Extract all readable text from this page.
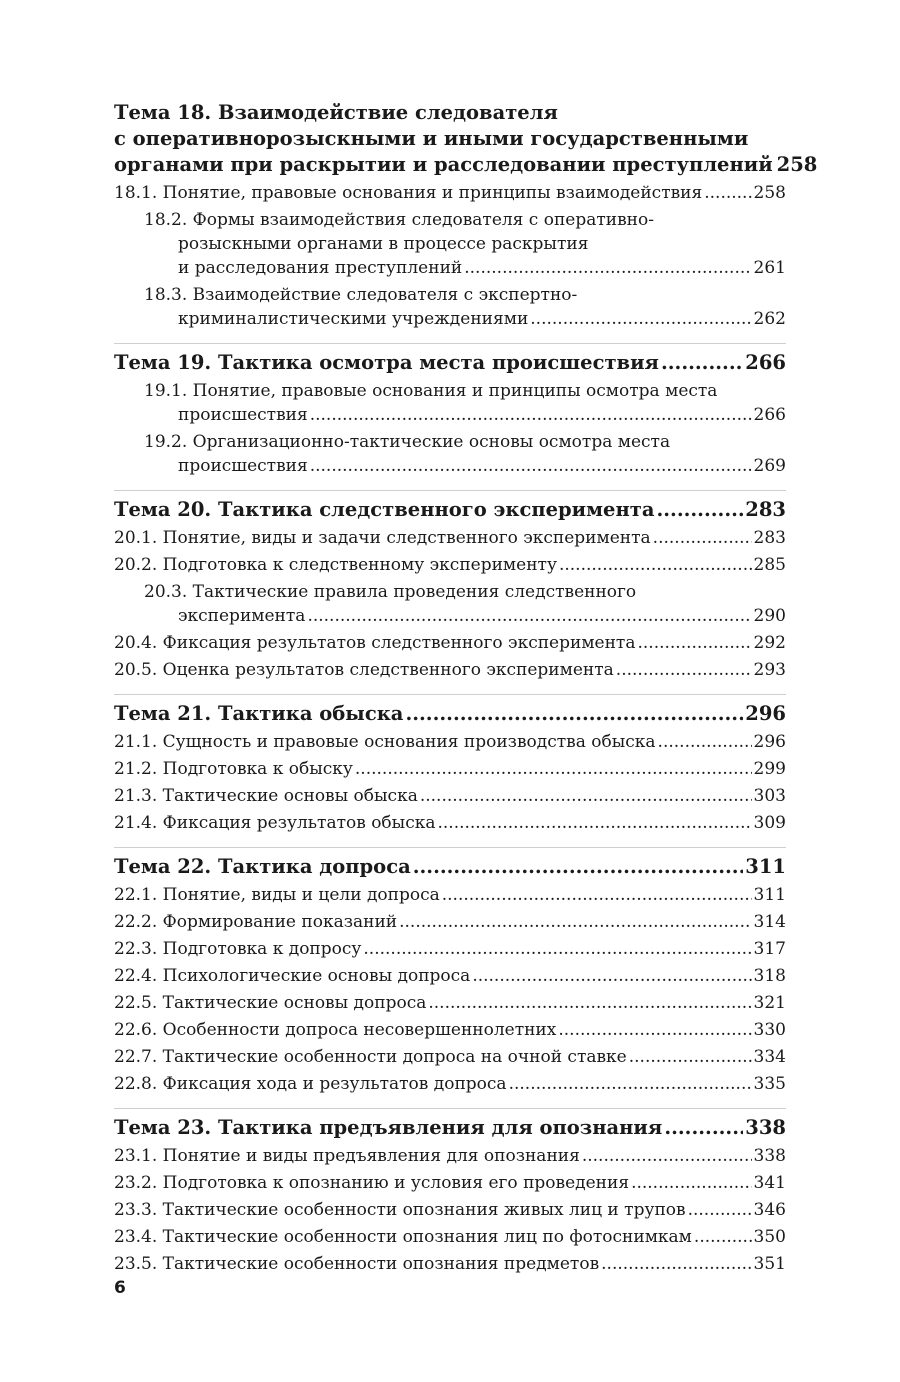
Тема 18. Взаимодействие следователя
с оперативнорозыскными и иными государственными
органами при раскрытии и расследовании преступлений 258
18.1. Понятие, правовые основания и принципы взаимодействия .....	258
18.2. Формы взаимодействия следователя с оперативно-
розыскными органами в процессе раскрытия
и расследования преступлений .....	261
18.3. Взаимодействие следователя с экспертно-
криминалистическими учреждениями .....	262
Тема 19. Тактика осмотра места происшествия .....	266
19.1. Понятие, правовые основания и принципы осмотра места
происшествия .....	266
19.2. Организационно-тактические основы осмотра места
происшествия .....	269
Тема 20. Тактика следственного эксперимента .....	283
20.1. Понятие, виды и задачи следственного эксперимента .....	283
20.2. Подготовка к следственному эксперименту .....	285
20.3. Тактические правила проведения следственного
эксперимента .....	290
20.4. Фиксация результатов следственного эксперимента .....	292
20.5. Оценка результатов следственного эксперимента .....	293
Тема 21. Тактика обыска .....	296
21.1. Сущность и правовые основания производства обыска .....	296
21.2. Подготовка к обыску .....	299
21.3. Тактические основы обыска .....	303
21.4. Фиксация результатов обыска .....	309
Тема 22. Тактика допроса .....	311
22.1. Понятие, виды и цели допроса .....	311
22.2. Формирование показаний .....	314
22.3. Подготовка к допросу .....	317
22.4. Психологические основы допроса .....	318
22.5. Тактические основы допроса .....	321
22.6. Особенности допроса несовершеннолетних .....	330
22.7. Тактические особенности допроса на очной ставке .....	334
22.8. Фиксация хода и результатов допроса .....	335
Тема 23. Тактика предъявления для опознания .....	338
23.1. Понятие и виды предъявления для опознания .....	338
23.2. Подготовка к опознанию и условия его проведения .....	341
23.3. Тактические особенности опознания живых лиц и трупов .....	346
23.4. Тактические особенности опознания лиц по фотоснимкам .....	350
23.5. Тактические особенности опознания предметов .....	351
6
